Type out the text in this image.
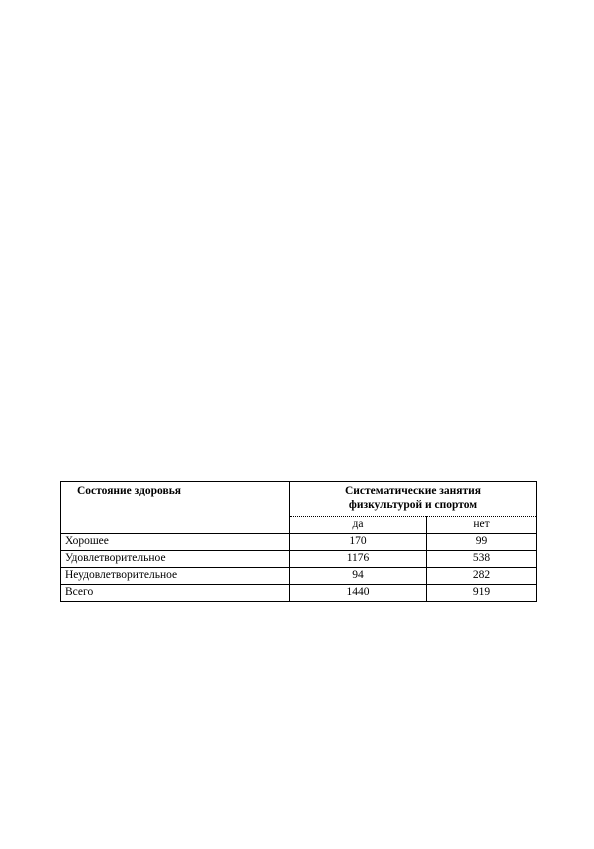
Состояние здоровья	Систематические занятия
физкультурой и спортом	

	да	нет
Хорошее	170	99
Удовлетворительное	1176	538
Неудовлетворительное	94	282
Всего	1440	919
